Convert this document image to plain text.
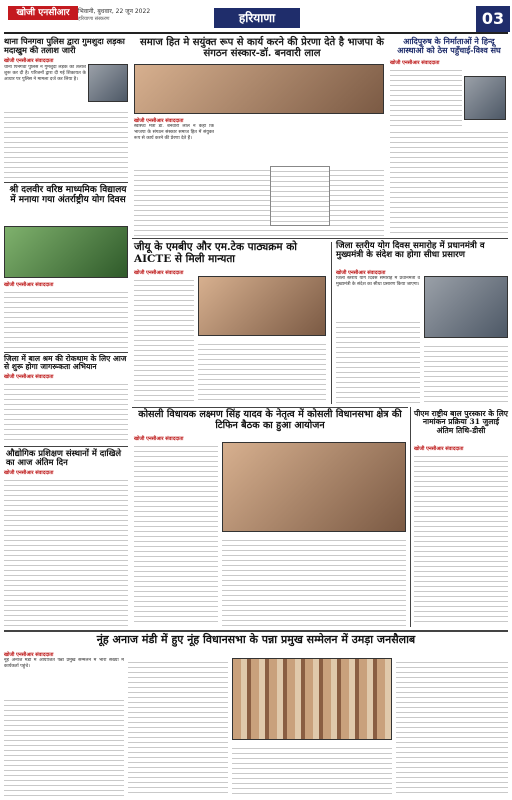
खोजी एनसीआर	भिवानी, बुधवार, 22 जून 2022
हरियाणा संस्करण	हरियाणा	03
थाना पिनगवा पुलिस द्वारा गुमशुदा लड़का मदाखुम की तलाश जारी
खोजी एनसीआर संवाददाता
थाना पिनगवा पुलिस ने गुमशुदा लड़के की तलाश शुरू कर दी है। परिजनों द्वारा दी गई शिकायत के आधार पर पुलिस ने मामला दर्ज कर लिया है।
श्री दलवीर वरिष्ठ माध्यमिक विद्यालय में मनाया गया अंतर्राष्ट्रीय योग दिवस
खोजी एनसीआर संवाददाता
जिला में बाल श्रम की रोकथाम के लिए आज से शुरू होगा जागरूकता अभियान
खोजी एनसीआर संवाददाता
औद्योगिक प्रशिक्षण संस्थानों में दाखिले का आज अंतिम दिन
खोजी एनसीआर संवाददाता
समाज हित मे सयुंक्त रूप से कार्य करने की प्रेरणा देते है भाजपा के संगठन संस्कार-डॉ. बनवारी लाल
खोजी एनसीआर संवाददाता
स्वास्थ्य मंत्री डॉ. बनवारी लाल ने कहा कि भाजपा के संगठन संस्कार समाज हित में संयुक्त रूप से कार्य करने की प्रेरणा देते हैं।
आदिपुरुष के निर्माताओं ने हिन्दू आस्थाओं को ठेस पहुँचाई-विश्व संघ
खोजी एनसीआर संवाददाता
जीयू के एमबीए और एम.टेक पाठ्यक्रम को AICTE से मिली मान्यता
खोजी एनसीआर संवाददाता
जिला स्तरीय योग दिवस समारोह में प्रधानमंत्री व मुख्यमंत्री के संदेश का होगा सीधा प्रसारण
खोजी एनसीआर संवाददाता
जिला स्तरीय योग दिवस समारोह में प्रधानमंत्री व मुख्यमंत्री के संदेश का सीधा प्रसारण किया जाएगा।
कोसली विधायक लक्ष्मण सिंह यादव के नेतृत्व में कोसली विधानसभा क्षेत्र की टिफिन बैठक का हुआ आयोजन
खोजी एनसीआर संवाददाता
पीएम राष्ट्रीय बाल पुरस्कार के लिए नामांकन प्रक्रिया 31 जुलाई अंतिम तिथि-डीसी
खोजी एनसीआर संवाददाता
नूंह अनाज मंडी में हुए नूंह विधानसभा के पन्ना प्रमुख सम्मेलन में उमड़ा जनसैलाब
खोजी एनसीआर संवाददाता
नूंह अनाज मंडी में आयोजित पन्ना प्रमुख सम्मेलन में भारी संख्या में कार्यकर्ता पहुंचे।
